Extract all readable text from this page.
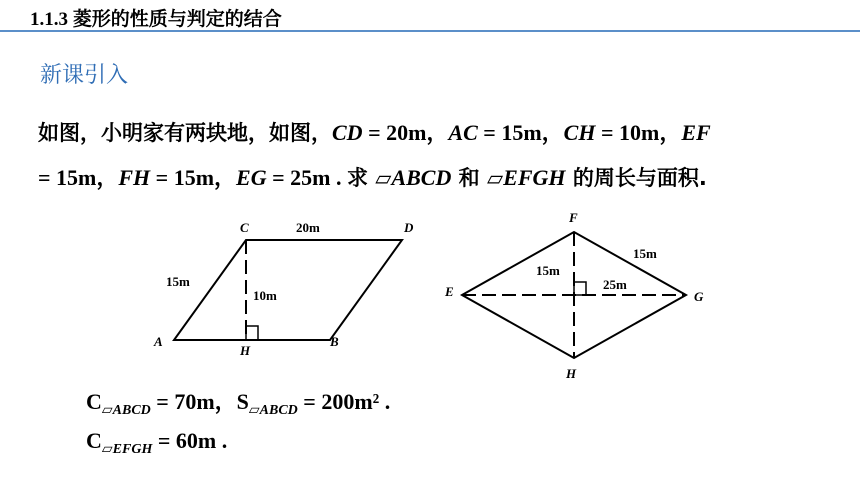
1.1.3 菱形的性质与判定的结合
新课引入
如图，小明家有两块地，如图，CD = 20m，AC = 15m，CH = 10m，EF
= 15m，FH = 15m，EG = 25m . 求 ▱ABCD 和 ▱EFGH 的周长与面积.
C	D
A	B
H
20m
15m
10m
F
E	G
H
15m
15m
25m
$C_{▱ABCD} = 70m$，$S_{▱ABCD} = 200m^2$ .
$C_{▱EFGH} = 60m$ .
